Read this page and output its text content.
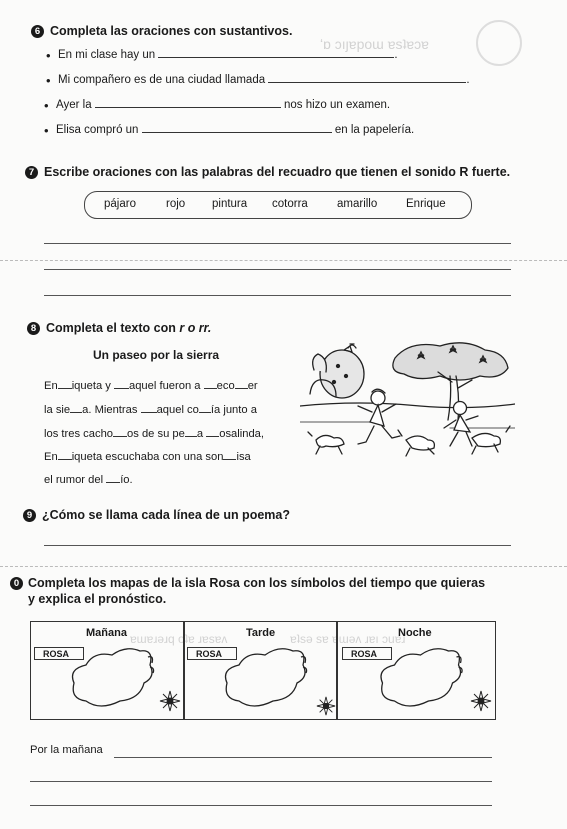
ʻɒ ɔıȷɐpoɯ ɐsʇɐɔɐ
ɐɯɐɹǝɹq oʇɐ ɹɐsɐʌ	ɐʇsǝ sɐ ɐɯǝʌ ɹɐı ɔuɐɹ
6 Completa las oraciones con sustantivos.
• En mi clase hay un	.
• Mi compañero es de una ciudad llamada	.
• Ayer la	nos hizo un examen.
• Elisa compró un	en la papelería.
7 Escribe oraciones con las palabras del recuadro que tienen el sonido R fuerte.
pájaro	rojo pintura cotorra	amarillo Enrique
8 Completa el texto con r o rr.
Un paseo por la sierra
En iqueta y aquel fueron a eco er
la sie a. Mientras aquel co ía junto a
los tres cacho os de su pe a osalinda,
En iqueta escuchaba con una son isa
el rumor del ío.
9 ¿Cómo se llama cada línea de un poema?
0 Completa los mapas de la isla Rosa con los símbolos del tiempo que quieras
y explica el pronóstico.
Mañana	Tarde	Noche
ROSA	ROSA	ROSA
Por la mañana
